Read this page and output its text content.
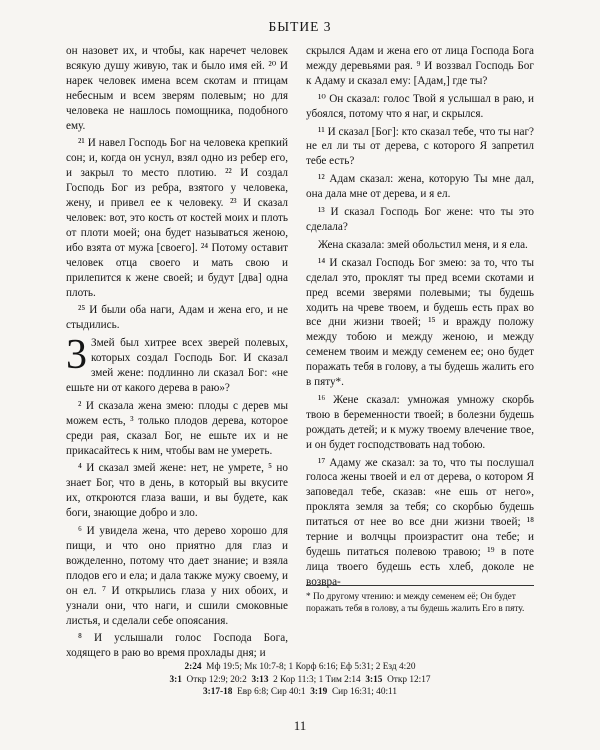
БЫТИЕ 3

он назовет их, и чтобы, как наречет человек всякую душу живую, так и было имя ей. ²⁰ И нарек человек имена всем скотам и птицам небесным и всем зверям полевым; но для человека не нашлось помощника, подобного ему.

²¹ И навел Господь Бог на человека крепкий сон; и, когда он уснул, взял одно из ребер его, и закрыл то место плотию. ²² И создал Господь Бог из ребра, взятого у человека, жену, и привел ее к человеку. ²³ И сказал человек: вот, это кость от костей моих и плоть от плоти моей; она будет называться женою, ибо взята от мужа [своего]. ²⁴ Потому оставит человек отца своего и мать свою и прилепится к жене своей; и будут [два] одна плоть.

²⁵ И были оба наги, Адам и жена его, и не стыдились.

3 Змей был хитрее всех зверей полевых, которых создал Господь Бог. И сказал змей жене: подлинно ли сказал Бог: «не ешьте ни от какого дерева в раю»?

² И сказала жена змею: плоды с дерев мы можем есть, ³ только плодов дерева, которое среди рая, сказал Бог, не ешьте их и не прикасайтесь к ним, чтобы вам не умереть.

⁴ И сказал змей жене: нет, не умрете, ⁵ но знает Бог, что в день, в который вы вкусите их, откроются глаза ваши, и вы будете, как боги, знающие добро и зло.

⁶ И увидела жена, что дерево хорошо для пищи, и что оно приятно для глаз и вожделенно, потому что дает знание; и взяла плодов его и ела; и дала также мужу своему, и он ел. ⁷ И открылись глаза у них обоих, и узнали они, что наги, и сшили смоковные листья, и сделали себе опоясания.

⁸ И услышали голос Господа Бога, ходящего в раю во время прохлады дня; и

скрылся Адам и жена его от лица Господа Бога между деревьями рая. ⁹ И воззвал Господь Бог к Адаму и сказал ему: [Адам,] где ты?

¹⁰ Он сказал: голос Твой я услышал в раю, и убоялся, потому что я наг, и скрылся.

¹¹ И сказал [Бог]: кто сказал тебе, что ты наг? не ел ли ты от дерева, с которого Я запретил тебе есть?

¹² Адам сказал: жена, которую Ты мне дал, она дала мне от дерева, и я ел.

¹³ И сказал Господь Бог жене: что ты это сделала?

Жена сказала: змей обольстил меня, и я ела.

¹⁴ И сказал Господь Бог змею: за то, что ты сделал это, проклят ты пред всеми скотами и пред всеми зверями полевыми; ты будешь ходить на чреве твоем, и будешь есть прах во все дни жизни твоей; ¹⁵ и вражду положу между тобою и между женою, и между семенем твоим и между семенем ее; оно будет поражать тебя в голову, а ты будешь жалить его в пяту*.

¹⁶ Жене сказал: умножая умножу скорбь твою в беременности твоей; в болезни будешь рождать детей; и к мужу твоему влечение твое, и он будет господствовать над тобою.

¹⁷ Адаму же сказал: за то, что ты послушал голоса жены твоей и ел от дерева, о котором Я заповедал тебе, сказав: «не ешь от него», проклята земля за тебя; со скорбью будешь питаться от нее во все дни жизни твоей; ¹⁸ терние и волчцы произрастит она тебе; и будешь питаться полевою травою; ¹⁹ в поте лица твоего будешь есть хлеб, доколе не возвра-

* По другому чтению: и между семенем её; Он будет поражать тебя в голову, а ты будешь жалить Его в пяту.
2:24 Мф 19:5; Мк 10:7-8; 1 Корф 6:16; Еф 5:31; 2 Езд 4:20
3:1 Откр 12:9; 20:2 3:13 2 Кор 11:3; 1 Тим 2:14 3:15 Откр 12:17
3:17-18 Евр 6:8; Сир 40:1 3:19 Сир 16:31; 40:11
11
